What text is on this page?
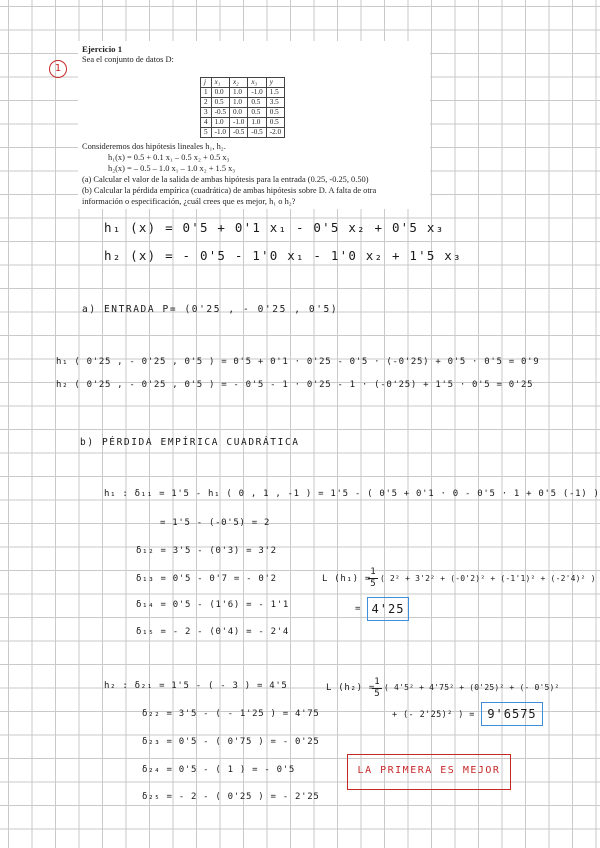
1
Ejercicio 1
Sea el conjunto de datos D:
j	x₁	x₂	x₃	y
1	0.0	1.0	-1.0	1.5
2	0.5	1.0	0.5	3.5
3	-0.5	0.0	0.5	0.5
4	1.0	-1.0	1.0	0.5
5	-1.0	-0.5	-0.5	-2.0
Consideremos dos hipótesis lineales h₁, h₂.
h₁(x) = 0.5 + 0.1 x₁ – 0.5 x₂ + 0.5 x₃
h₂(x) = – 0.5 – 1.0 x₁ – 1.0 x₂ + 1.5 x₃
(a) Calcular el valor de la salida de ambas hipótesis para la entrada (0.25, -0.25, 0.50)
(b) Calcular la pérdida empírica (cuadrática) de ambas hipótesis sobre D. A falta de otra
información o especificación, ¿cuál crees que es mejor, h₁ o h₂?
h₁ (x) = 0'5 + 0'1 x₁ - 0'5 x₂ + 0'5 x₃
h₂ (x) = - 0'5 - 1'0 x₁ - 1'0 x₂ + 1'5 x₃
a) ENTRADA P= (0'25 , - 0'25 , 0'5)
h₁ ( 0'25 , - 0'25 , 0'5 ) = 0'5 + 0'1 · 0'25 - 0'5 · (-0'25) + 0'5 · 0'5 = 0'9
h₂ ( 0'25 , - 0'25 , 0'5 ) = - 0'5 - 1 · 0'25 - 1 · (-0'25) + 1'5 · 0'5 = 0'25
b) PÉRDIDA EMPÍRICA CUADRÁTICA
h₁ : δ₁₁ = 1'5 - h₁ ( 0 , 1 , -1 ) = 1'5 - ( 0'5 + 0'1 · 0 - 0'5 · 1 + 0'5 (-1) )
= 1'5 - (-0'5) = 2
δ₁₂ = 3'5 - (0'3) = 3'2
δ₁₃ = 0'5 - 0'7 = - 0'2
δ₁₄ = 0'5 - (1'6) = - 1'1
δ₁₅ = - 2 - (0'4) = - 2'4
L (h₁) =
$\frac{1}{5}$ ( 2² + 3'2² + (-0'2)² + (-1'1)² + (-2'4)² )
= 4'25
h₂ : δ₂₁ = 1'5 - ( - 3 ) = 4'5
δ₂₂ = 3'5 - ( - 1'25 ) = 4'75
δ₂₃ = 0'5 - ( 0'75 ) = - 0'25
δ₂₄ = 0'5 - ( 1 ) = - 0'5
δ₂₅ = - 2 - ( 0'25 ) = - 2'25
L (h₂) =
$\frac{1}{5}$ ( 4'5² + 4'75² + (0'25)² + (- 0'5)²
+ (- 2'25)² ) =	9'6575
LA PRIMERA ES MEJOR
